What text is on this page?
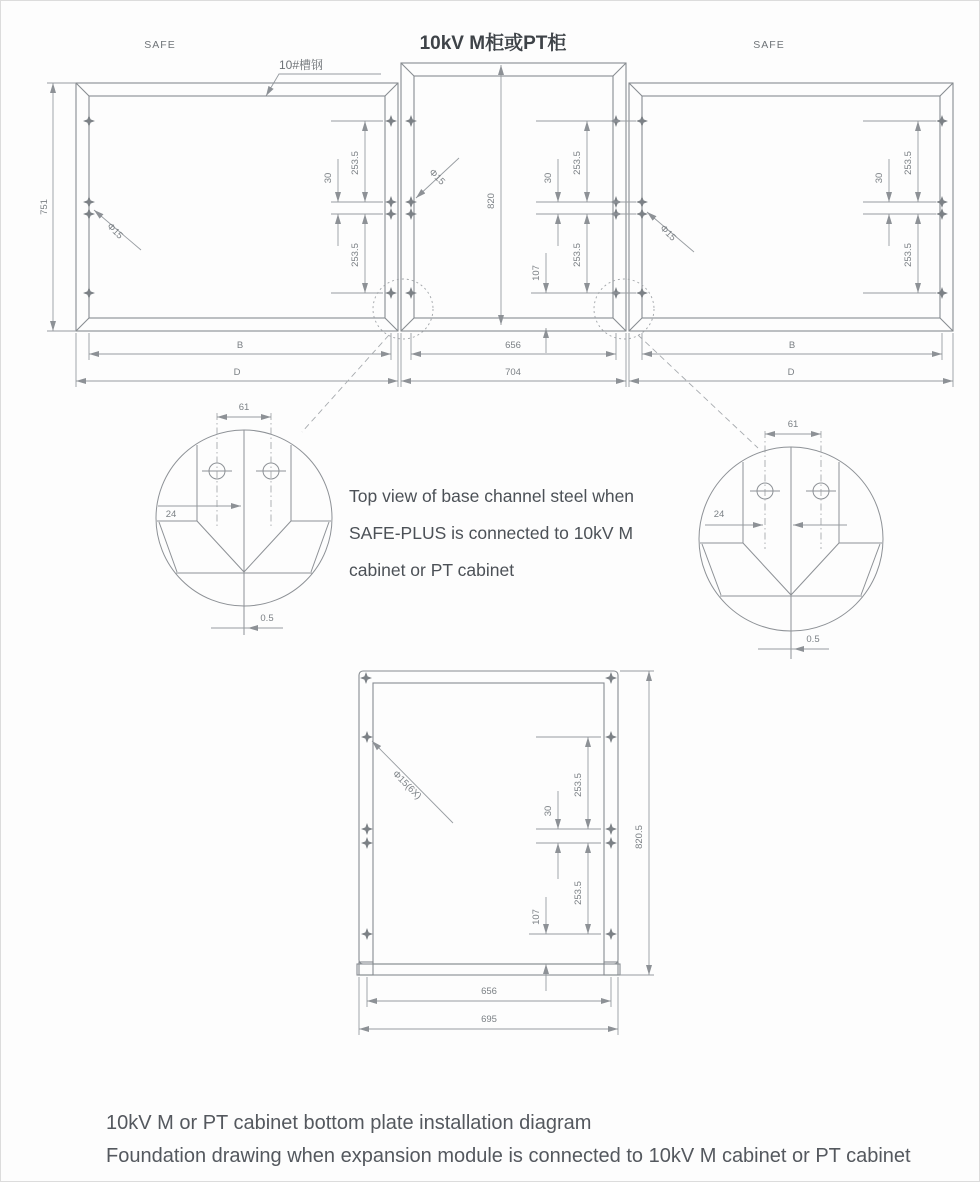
SAFE	10kV M柜或PT柜	SAFE
10#槽钢
751	820
Φ15
Φ15
Φ15
253.5
253.5
30
253.5
253.5
30
107
253.5
253.5
30
B	656	B
D	704	D
61
24
0.5
61
24
0.5
Top view of base channel steel when
SAFE-PLUS is connected to 10kV M
cabinet or PT cabinet
Φ15(6X)	253.5
30
253.5
107
820.5
656
695
10kV M or PT cabinet bottom plate installation diagram
Foundation drawing when expansion module is connected to 10kV M cabinet or PT cabinet
